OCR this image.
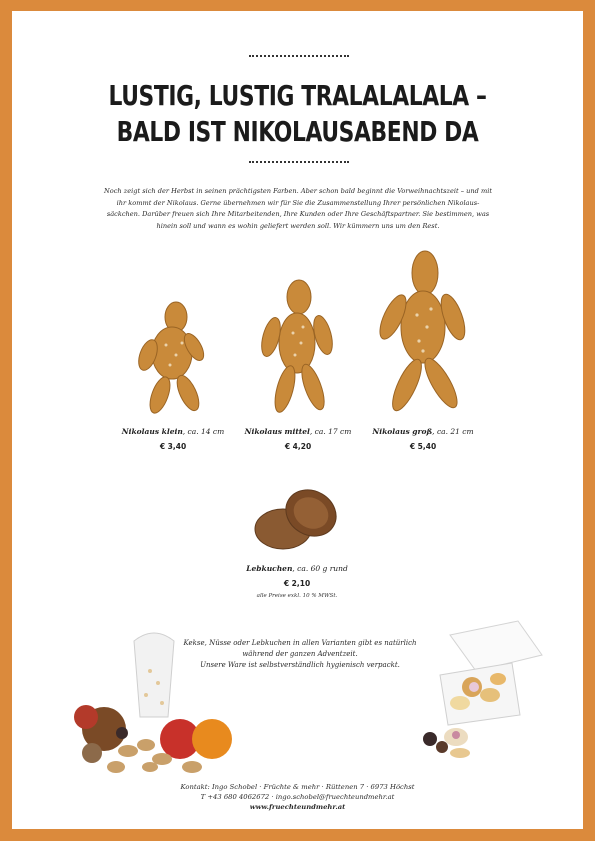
LUSTIG, LUSTIG TRALALALALA –
BALD IST NIKOLAUSABEND DA
Noch zeigt sich der Herbst in seinen prächtigsten Farben. Aber schon bald beginnt die Vorweihnachtszeit – und mit ihr kommt der Nikolaus. Gerne übernehmen wir für Sie die Zusammenstellung Ihrer persönlichen Nikolaus-säckchen. Darüber freuen sich Ihre Mitarbeitenden, Ihre Kunden oder Ihre Geschäftspartner. Sie bestimmen, was hinein soll und wann es wohin geliefert werden soll. Wir kümmern uns um den Rest.
Nikolaus klein, ca. 14 cm
€ 3,40
Nikolaus mittel, ca. 17 cm
€ 4,20
Nikolaus groß, ca. 21 cm
€ 5,40
Lebkuchen, ca. 60 g rund
€ 2,10
alle Preise exkl. 10 % MWSt.
Kekse, Nüsse oder Lebkuchen in allen Varianten gibt es natürlich
während der ganzen Adventzeit.
Unsere Ware ist selbstverständlich hygienisch verpackt.
Kontakt: Ingo Schobel · Früchte & mehr · Rüttenen 7 · 6973 Höchst
T +43 680 4062672 · ingo.schobel@fruechteundmehr.at
www.fruechteundmehr.at
